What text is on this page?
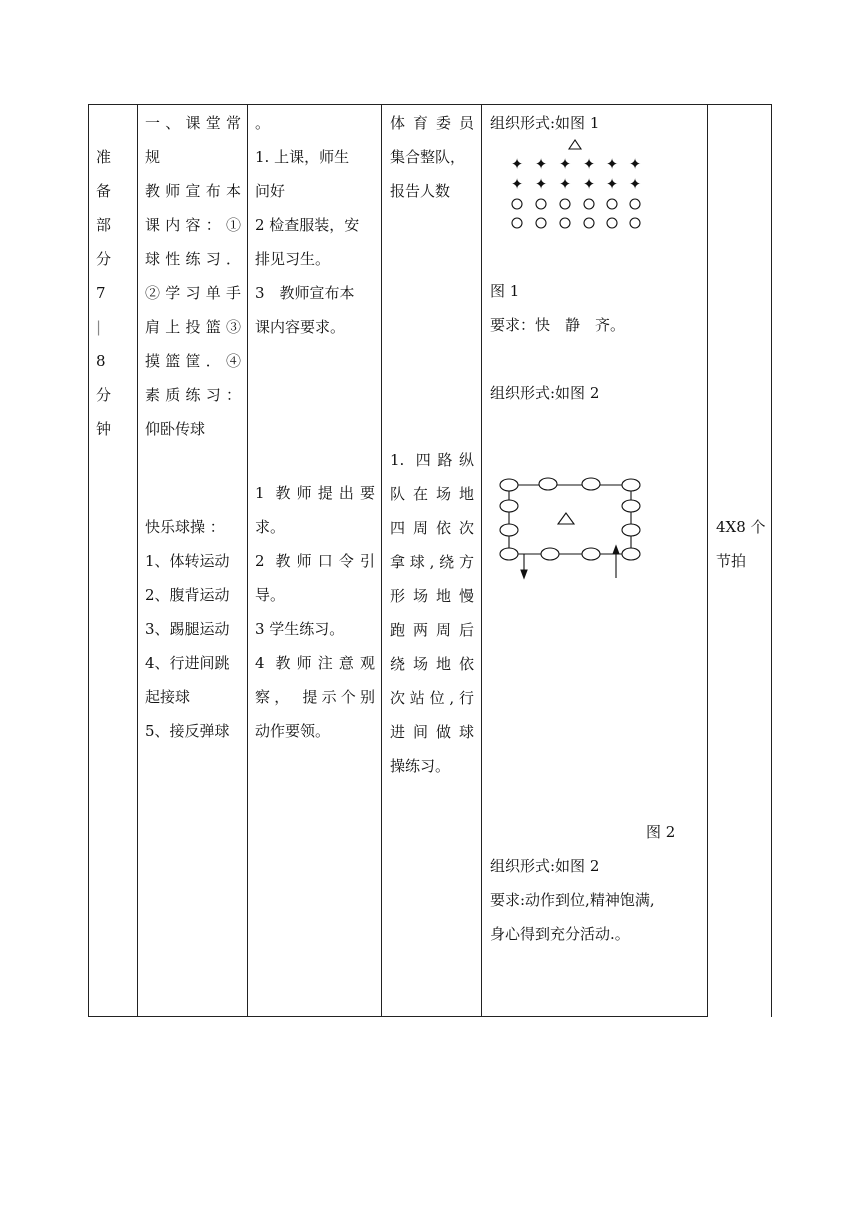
准
备
部
分
7
|
8
分
钟
一、课堂常
规
教师宣布本
课内容：①
球性练习．
②学习单手
肩上投篮③
摸篮筐．④
素质练习：
仰卧传球
快乐球操 ：
1、体转运动
2、腹背运动
3、踢腿运动
4、行进间跳
起接球
5、接反弹球
。
1. 上课，师生
问好
2 检查服装，安
排见习生。
3　教师宣布本
课内容要求。
1 教师提出要
求。
2 教师口令引
导。
3 学生练习。
4 教师注意观
察， 提示个别
动作要领。
体育委员
集合整队，
报告人数
1. 四路纵
队在场地
四周依次
拿球,绕方
形场地慢
跑两周后
绕场地依
次站位,行
进间做球
操练习。
组织形式:如图 1
✦ ✦ ✦ ✦ ✦ ✦
✦ ✦ ✦ ✦ ✦ ✦
图 1
要求：快　静　齐。
组织形式:如图 2
图 2
组织形式:如图 2
要求:动作到位,精神饱满,
身心得到充分活动.。
4X8 个
节拍
